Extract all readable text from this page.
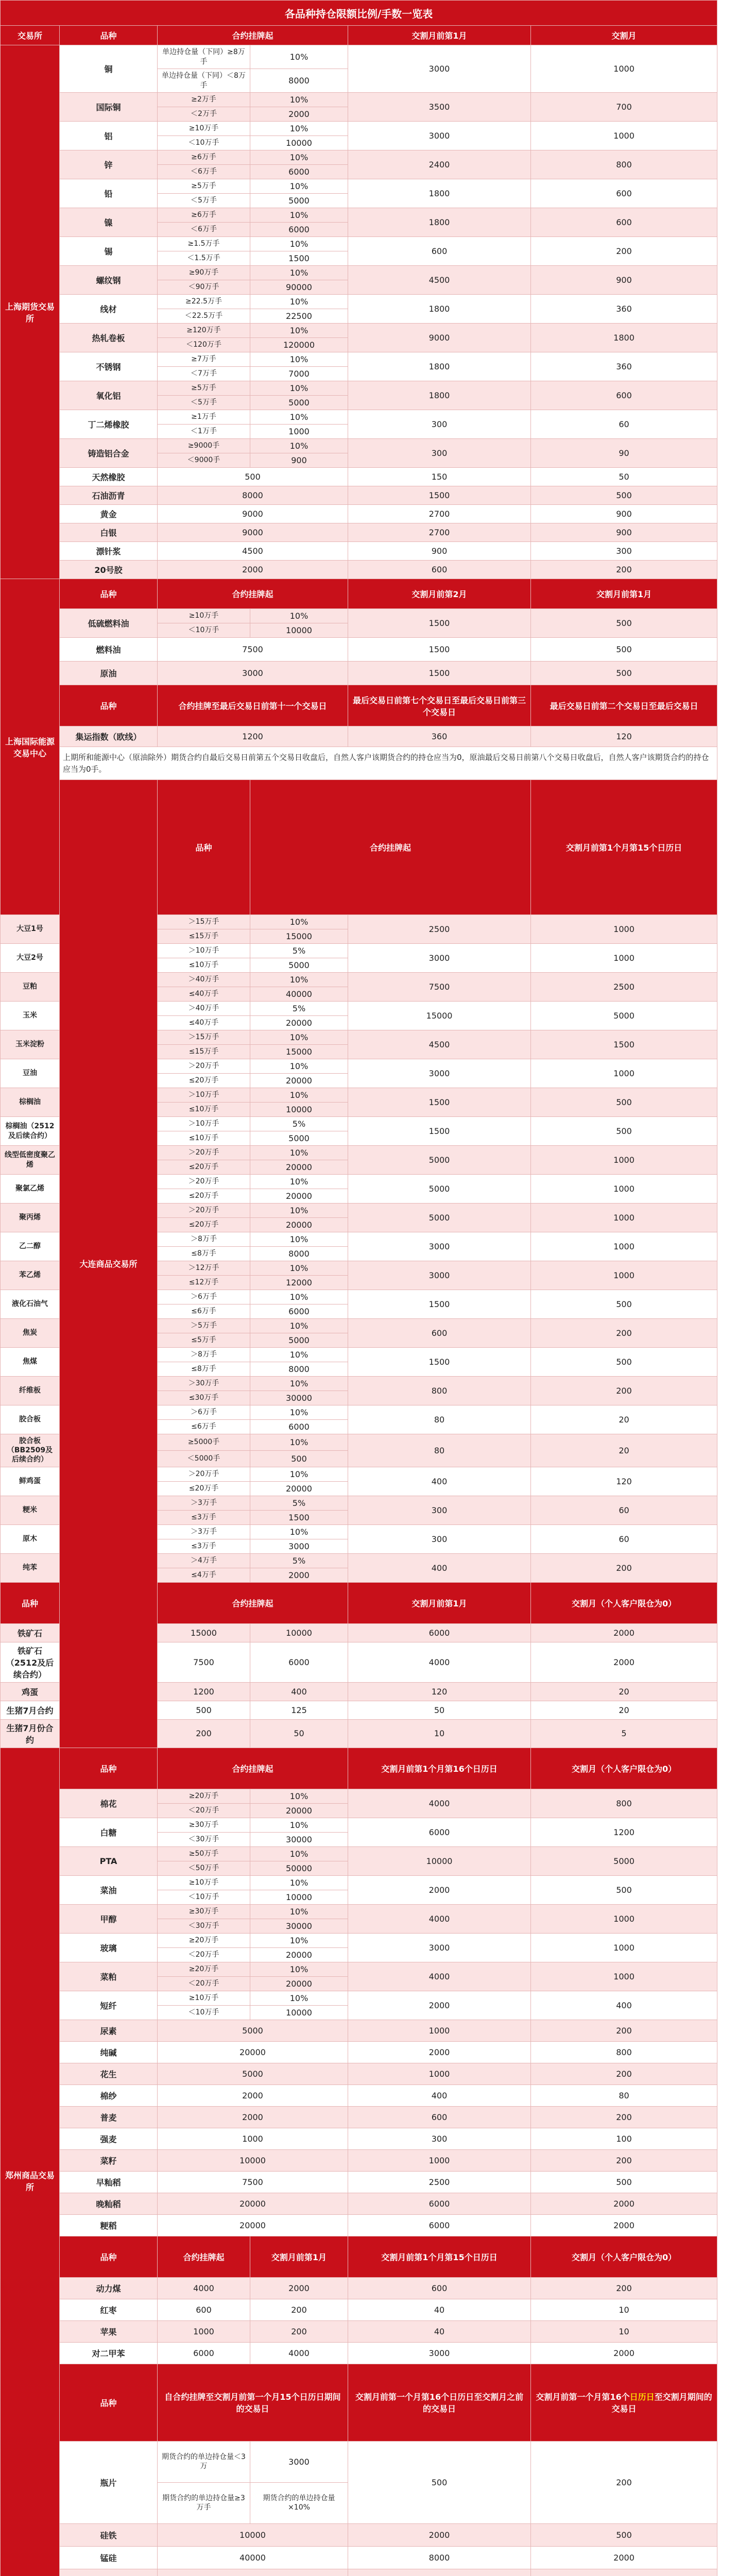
各品种持仓限额比例/手数一览表						
交易所	品种	合约挂牌起		交割月前第1月	交割月	
上海期货交易所	铜	单边持仓量（下同）≥8万手	10%	3000	1000	
		单边持仓量（下同）＜8万手	8000			
	国际铜	≥2万手	10%	3500	700	
		＜2万手	2000			
	铝	≥10万手	10%	3000	1000	
		＜10万手	10000			
	锌	≥6万手	10%	2400	800	
		＜6万手	6000			
	铅	≥5万手	10%	1800	600	
		＜5万手	5000			
	镍	≥6万手	10%	1800	600	
		＜6万手	6000			
	锡	≥1.5万手	10%	600	200	
		＜1.5万手	1500			
	螺纹钢	≥90万手	10%	4500	900	
		＜90万手	90000			
	线材	≥22.5万手	10%	1800	360	
		＜22.5万手	22500			
	热轧卷板	≥120万手	10%	9000	1800	
		＜120万手	120000			
	不锈钢	≥7万手	10%	1800	360	
		＜7万手	7000			
	氧化铝	≥5万手	10%	1800	600	
		＜5万手	5000			
	丁二烯橡胶	≥1万手	10%	300	60	
		＜1万手	1000			
	铸造铝合金	≥9000手	10%	300	90	
		＜9000手	900			
	天然橡胶	500		150	50	
	石油沥青	8000		1500	500	
	黄金	9000		2700	900	
	白银	9000		2700	900	
	漂针浆	4500		900	300	
	20号胶	2000		600	200	
上海国际能源交易中心	品种	合约挂牌起		交割月前第2月	交割月前第1月	
	低硫燃料油	≥10万手	10%	1500	500	
		＜10万手	10000			
	燃料油	7500		1500	500	
	原油	3000		1500	500	
	品种	合约挂牌至最后交易日前第十一个交易日		最后交易日前第七个交易日至最后交易日前第三个交易日	最后交易日前第二个交易日至最后交易日	
	集运指数（欧线）	1200		360	120	
	上期所和能源中心（原油除外）期货合约自最后交易日前第五个交易日收盘后，自然人客户该期货合约的持仓应当为0，原油最后交易日前第八个交易日收盘后，自然人客户该期货合约的持仓应当为0手。					
	大连商品交易所	品种	合约挂牌起		交割月前第1个月第15个日历日	交割月（个人客户限仓为0）
大豆1号		＞15万手	10%	2500	1000	
		≤15万手	15000			
大豆2号		＞10万手	5%	3000	1000	
		≤10万手	5000			
豆粕		＞40万手	10%	7500	2500	
		≤40万手	40000			
玉米		＞40万手	5%	15000	5000	
		≤40万手	20000			
玉米淀粉		＞15万手	10%	4500	1500	
		≤15万手	15000			
豆油		＞20万手	10%	3000	1000	
		≤20万手	20000			
棕榈油		＞10万手	10%	1500	500	
		≤10万手	10000			
棕榈油（2512及后续合约）		＞10万手	5%	1500	500	
		≤10万手	5000			
线型低密度聚乙烯		＞20万手	10%	5000	1000	
		≤20万手	20000			
聚氯乙烯		＞20万手	10%	5000	1000	
		≤20万手	20000			
聚丙烯		＞20万手	10%	5000	1000	
		≤20万手	20000			
乙二醇		＞8万手	10%	3000	1000	
		≤8万手	8000			
苯乙烯		＞12万手	10%	3000	1000	
		≤12万手	12000			
液化石油气		＞6万手	10%	1500	500	
		≤6万手	6000			
焦炭		＞5万手	10%	600	200	
		≤5万手	5000			
焦煤		＞8万手	10%	1500	500	
		≤8万手	8000			
纤维板		＞30万手	10%	800	200	
		≤30万手	30000			
胶合板		＞6万手	10%	80	20	
		≤6万手	6000			
胶合板（BB2509及后续合约）		≥5000手	10%	80	20	
		＜5000手	500			
鲜鸡蛋		＞20万手	10%	400	120	
		≤20万手	20000			
粳米		＞3万手	5%	300	60	
		≤3万手	1500			
原木		＞3万手	10%	300	60	
		≤3万手	3000			
纯苯		＞4万手	5%	400	200	
		≤4万手	2000			
品种		合约挂牌起		交割月前第1月	交割月（个人客户限仓为0）	
铁矿石		15000	10000	6000	2000	
铁矿石（2512及后续合约）		7500	6000	4000	2000	
鸡蛋		1200	400	120	20	
生猪7月合约		500	125	50	20	
生猪7月份合约		200	50	10	5	
郑州商品交易所	品种	合约挂牌起		交割月前第1个月第16个日历日	交割月（个人客户限仓为0）	
	棉花	≥20万手	10%	4000	800	
		＜20万手	20000			
	白糖	≥30万手	10%	6000	1200	
		＜30万手	30000			
	PTA	≥50万手	10%	10000	5000	
		＜50万手	50000			
	菜油	≥10万手	10%	2000	500	
		＜10万手	10000			
	甲醇	≥30万手	10%	4000	1000	
		＜30万手	30000			
	玻璃	≥20万手	10%	3000	1000	
		＜20万手	20000			
	菜粕	≥20万手	10%	4000	1000	
		＜20万手	20000			
	短纤	≥10万手	10%	2000	400	
		＜10万手	10000			
	尿素	5000		1000	200	
	纯碱	20000		2000	800	
	花生	5000		1000	200	
	棉纱	2000		400	80	
	普麦	2000		600	200	
	强麦	1000		300	100	
	菜籽	10000		1000	200	
	早籼稻	7500		2500	500	
	晚籼稻	20000		6000	2000	
	粳稻	20000		6000	2000	
	品种	合约挂牌起	交割月前第1月	交割月前第1个月第15个日历日	交割月（个人客户限仓为0）	
	动力煤	4000	2000	600	200	
	红枣	600	200	40	10	
	苹果	1000	200	40	10	
	对二甲苯	6000	4000	3000	2000	
	品种	自合约挂牌至交割月前第一个月15个日历日期间的交易日		交割月前第一个月第16个日历日至交割月之前的交易日	交割月前第一个月第16个日历日至交割月期间的交易日	
	瓶片	期货合约的单边持仓量＜3万	3000	500	200	
		期货合约的单边持仓量≥3万手	期货合约的单边持仓量×10%			
	硅铁	10000		2000	500	
	锰硅	40000		8000	2000	
